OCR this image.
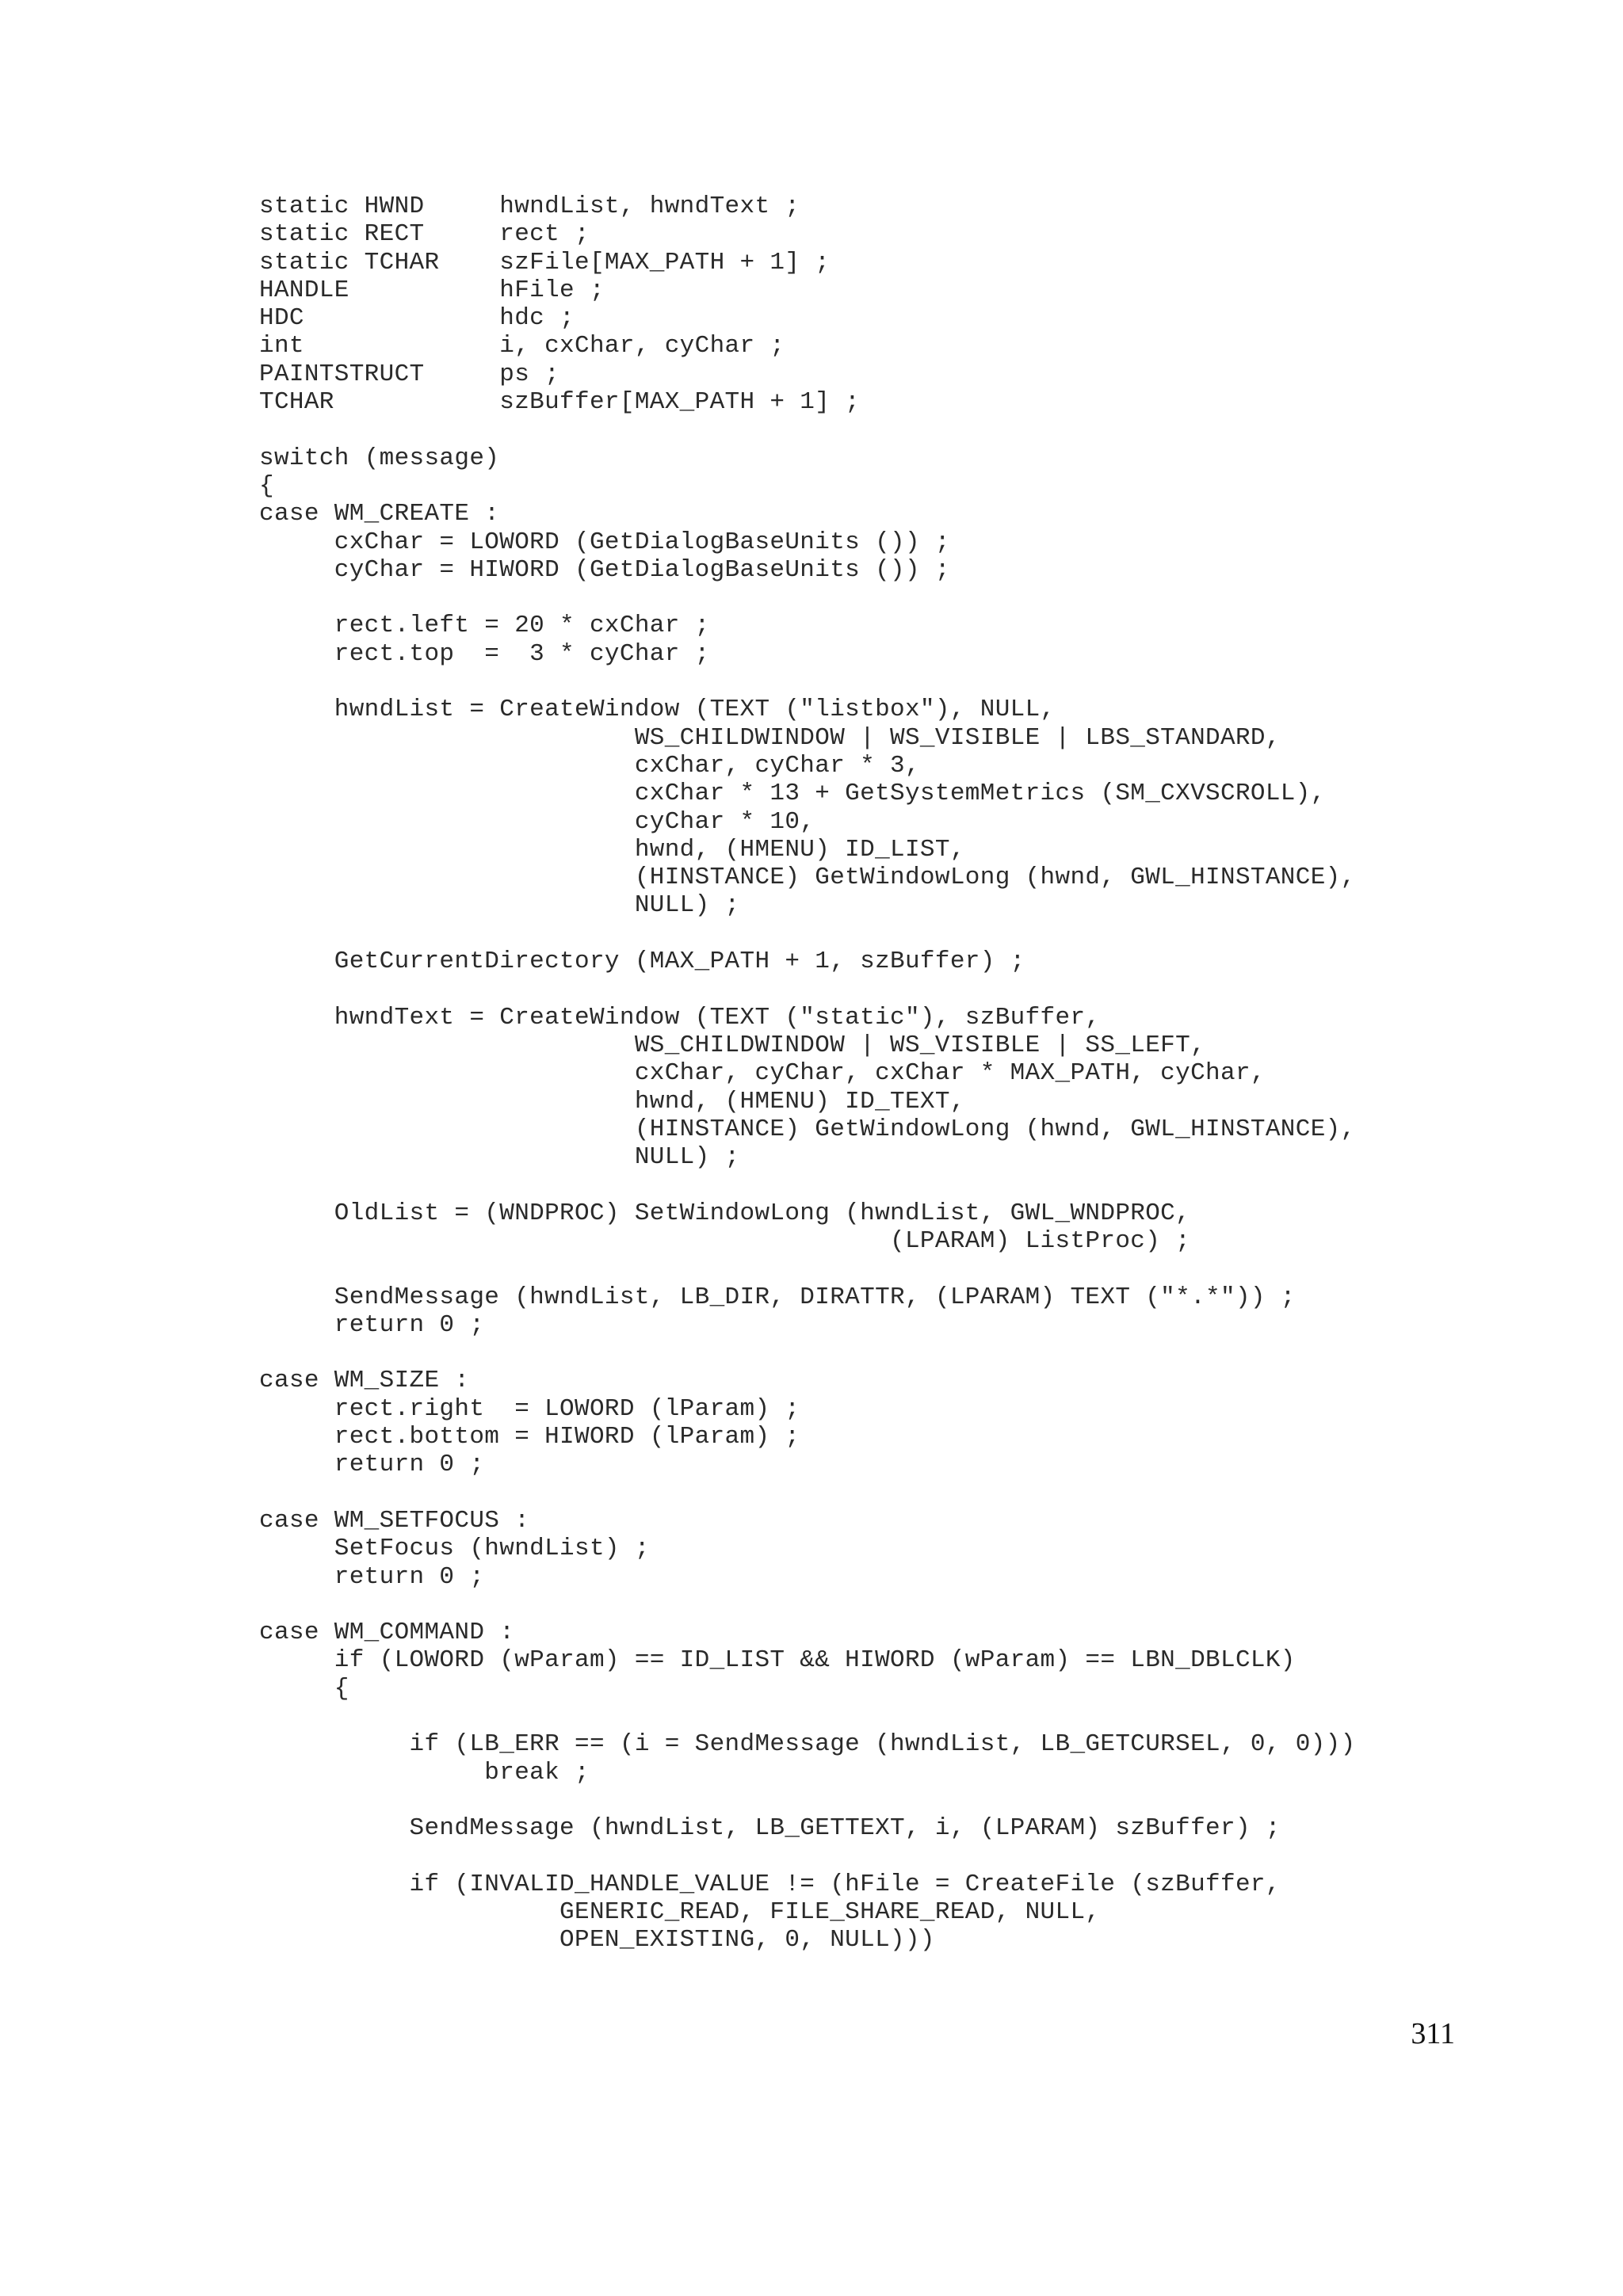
static HWND     hwndList, hwndText ;
static RECT     rect ;
static TCHAR    szFile[MAX_PATH + 1] ;
HANDLE          hFile ;
HDC             hdc ;
int             i, cxChar, cyChar ;
PAINTSTRUCT     ps ;
TCHAR           szBuffer[MAX_PATH + 1] ;
switch (message)
{
case WM_CREATE :
cxChar = LOWORD (GetDialogBaseUnits ()) ;
cyChar = HIWORD (GetDialogBaseUnits ()) ;
rect.left = 20 * cxChar ;
rect.top  =  3 * cyChar ;
hwndList = CreateWindow (TEXT ("listbox"), NULL,
WS_CHILDWINDOW | WS_VISIBLE | LBS_STANDARD,
cxChar, cyChar * 3,
cxChar * 13 + GetSystemMetrics (SM_CXVSCROLL),
cyChar * 10,
hwnd, (HMENU) ID_LIST,
(HINSTANCE) GetWindowLong (hwnd, GWL_HINSTANCE),
NULL) ;
GetCurrentDirectory (MAX_PATH + 1, szBuffer) ;
hwndText = CreateWindow (TEXT ("static"), szBuffer,
WS_CHILDWINDOW | WS_VISIBLE | SS_LEFT,
cxChar, cyChar, cxChar * MAX_PATH, cyChar,
hwnd, (HMENU) ID_TEXT,
(HINSTANCE) GetWindowLong (hwnd, GWL_HINSTANCE),
NULL) ;
OldList = (WNDPROC) SetWindowLong (hwndList, GWL_WNDPROC,
(LPARAM) ListProc) ;
SendMessage (hwndList, LB_DIR, DIRATTR, (LPARAM) TEXT ("*.*")) ;
return 0 ;
case WM_SIZE :
rect.right  = LOWORD (lParam) ;
rect.bottom = HIWORD (lParam) ;
return 0 ;
case WM_SETFOCUS :
SetFocus (hwndList) ;
return 0 ;
case WM_COMMAND :
if (LOWORD (wParam) == ID_LIST && HIWORD (wParam) == LBN_DBLCLK)
{
if (LB_ERR == (i = SendMessage (hwndList, LB_GETCURSEL, 0, 0)))
break ;
SendMessage (hwndList, LB_GETTEXT, i, (LPARAM) szBuffer) ;
if (INVALID_HANDLE_VALUE != (hFile = CreateFile (szBuffer,
GENERIC_READ, FILE_SHARE_READ, NULL,
OPEN_EXISTING, 0, NULL)))
311
